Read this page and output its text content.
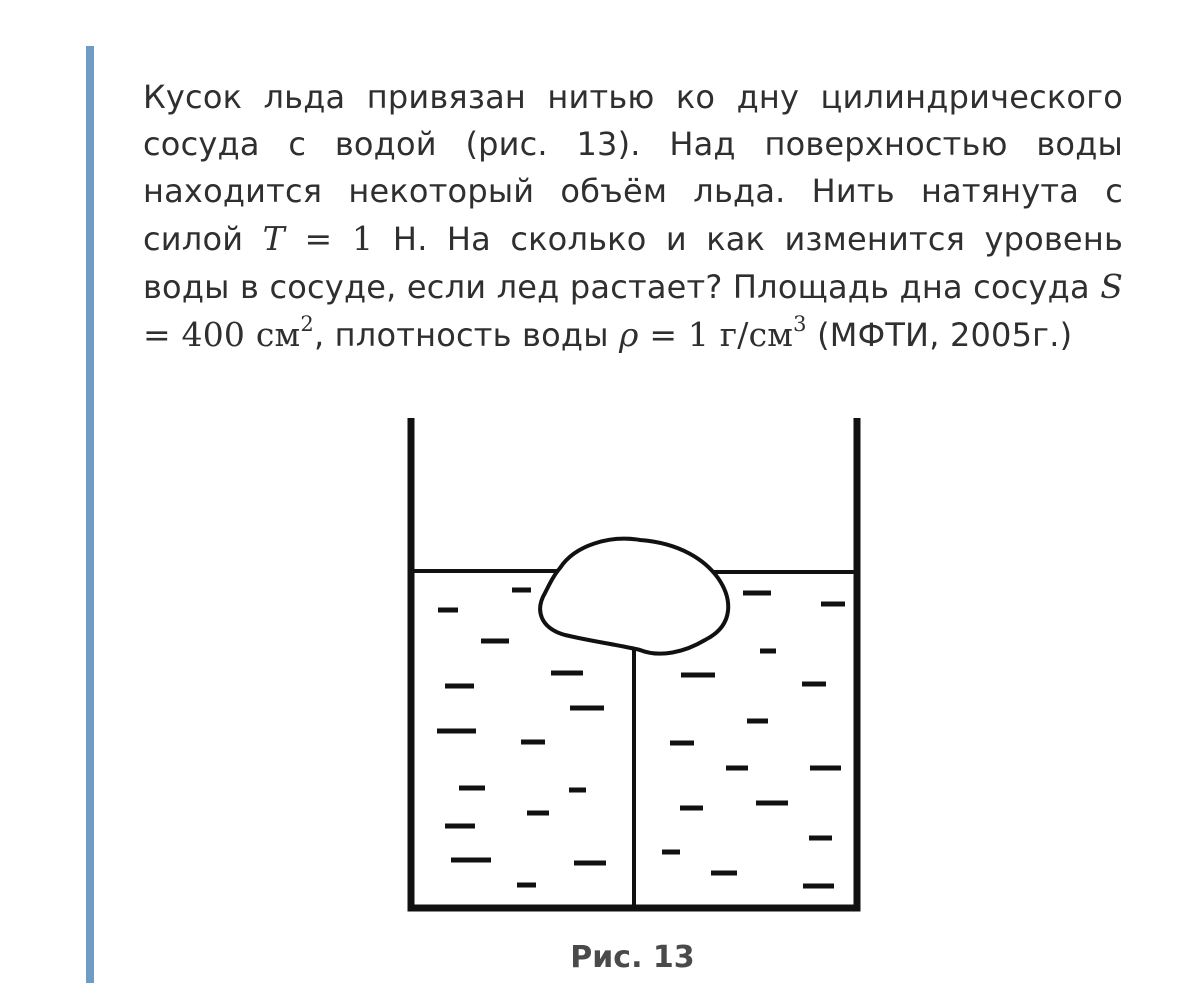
Кусок льда привязан нитью ко дну цилиндрического сосуда с водой (рис. 13). Над поверхностью воды находится некоторый объём льда. Нить натянута с силой T = 1 Н. На сколько и как изменится уровень воды в сосуде, если лед растает? Площадь дна сосуда S = 400 $см^2$, плотность воды ρ = 1 $г/см^3$ (МФТИ, 2005г.)

Рис. 13
